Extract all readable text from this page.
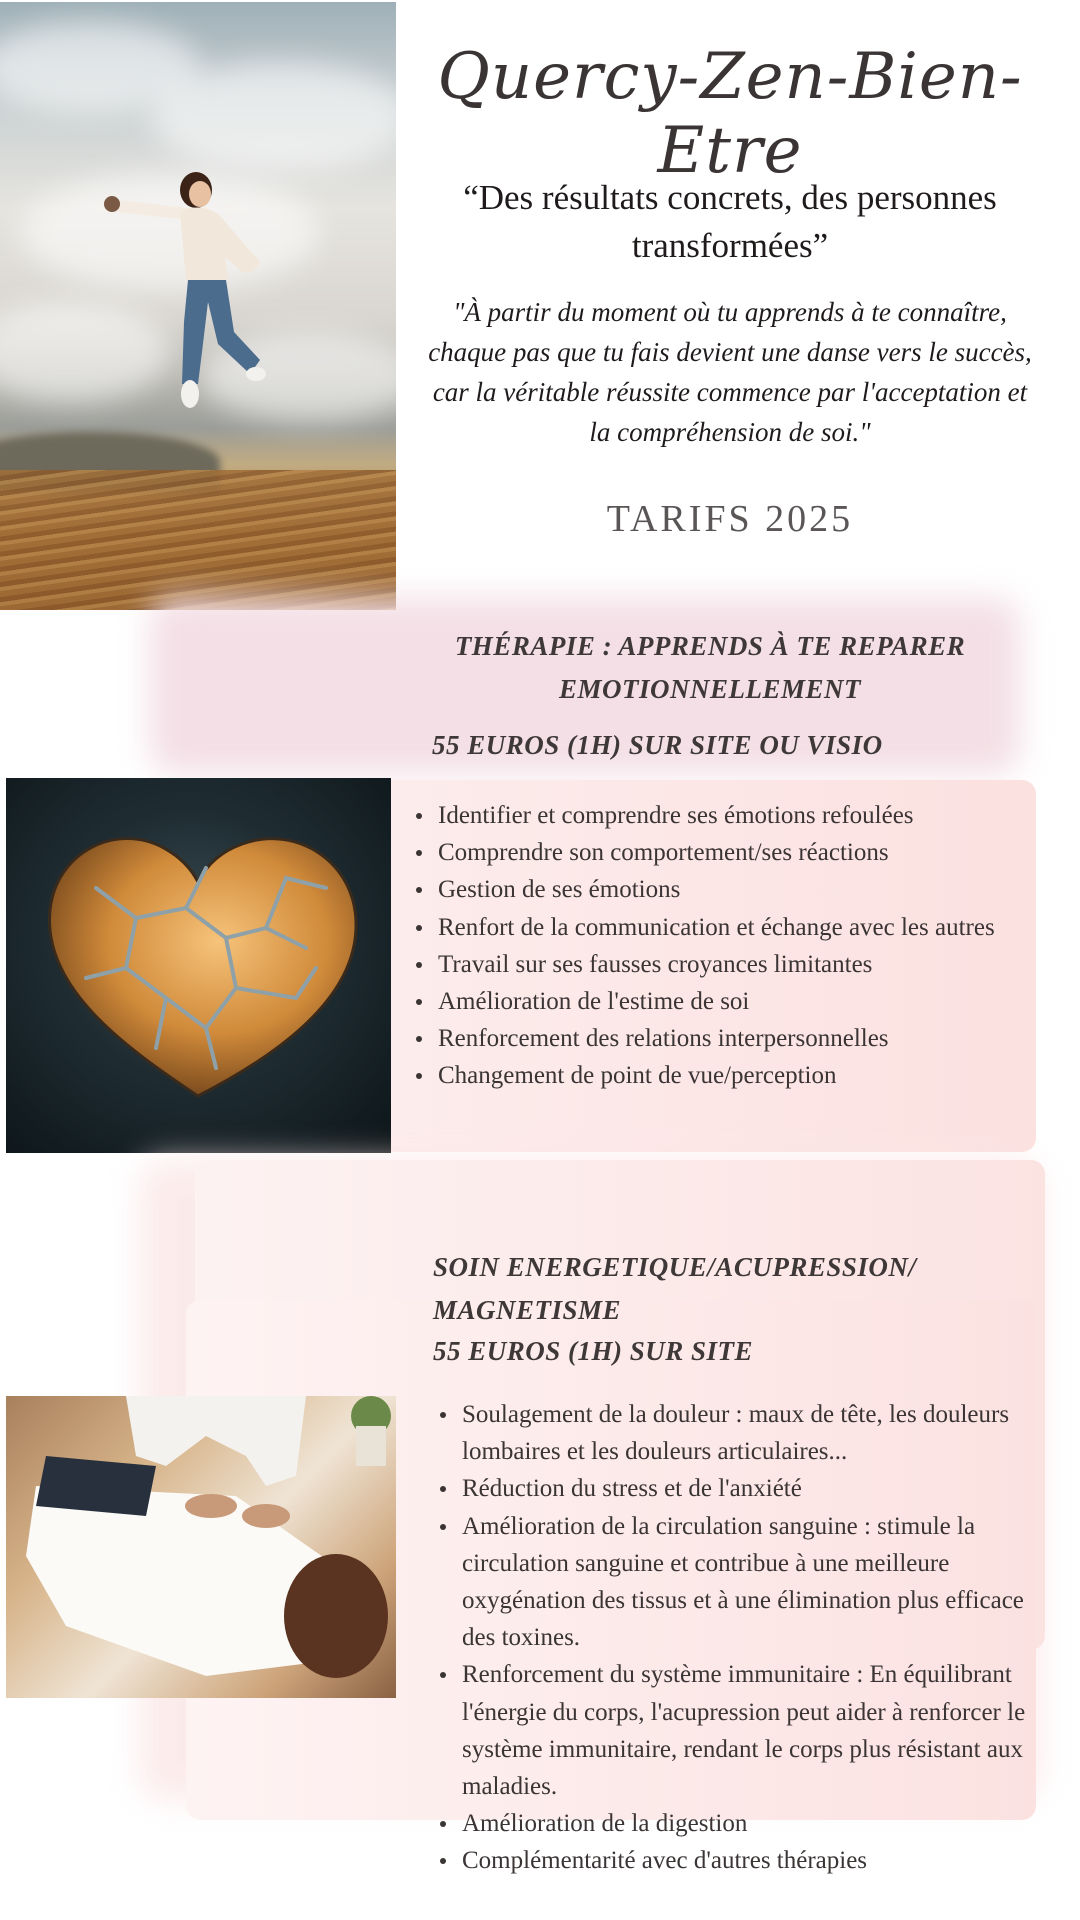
Quercy-Zen-Bien-Etre
“Des résultats concrets, des personnes transformées”
"À partir du moment où tu apprends à te connaître, chaque pas que tu fais devient une danse vers le succès, car la véritable réussite commence par l'acceptation et la compréhension de soi."
TARIFS 2025
THÉRAPIE : APPRENDS À TE REPARER EMOTIONNELLEMENT
55 EUROS (1H) SUR SITE OU VISIO
Identifier et comprendre ses émotions refoulées
Comprendre son comportement/ses réactions
Gestion de ses émotions
Renfort de la communication et échange avec les autres
Travail sur ses fausses croyances limitantes
Amélioration de l'estime de soi
Renforcement des relations interpersonnelles
Changement de point de vue/perception
SOIN ENERGETIQUE/ACUPRESSION/ MAGNETISME
55 EUROS (1H) SUR SITE
Soulagement de la douleur : maux de tête, les douleurs lombaires et les douleurs articulaires...
Réduction du stress et de l'anxiété
Amélioration de la circulation sanguine : stimule la circulation sanguine et contribue à une meilleure oxygénation des tissus et à une élimination plus efficace des toxines.
Renforcement du système immunitaire : En équilibrant l'énergie du corps, l'acupression peut aider à renforcer le système immunitaire, rendant le corps plus résistant aux maladies.
Amélioration de la digestion
Complémentarité avec d'autres thérapies
